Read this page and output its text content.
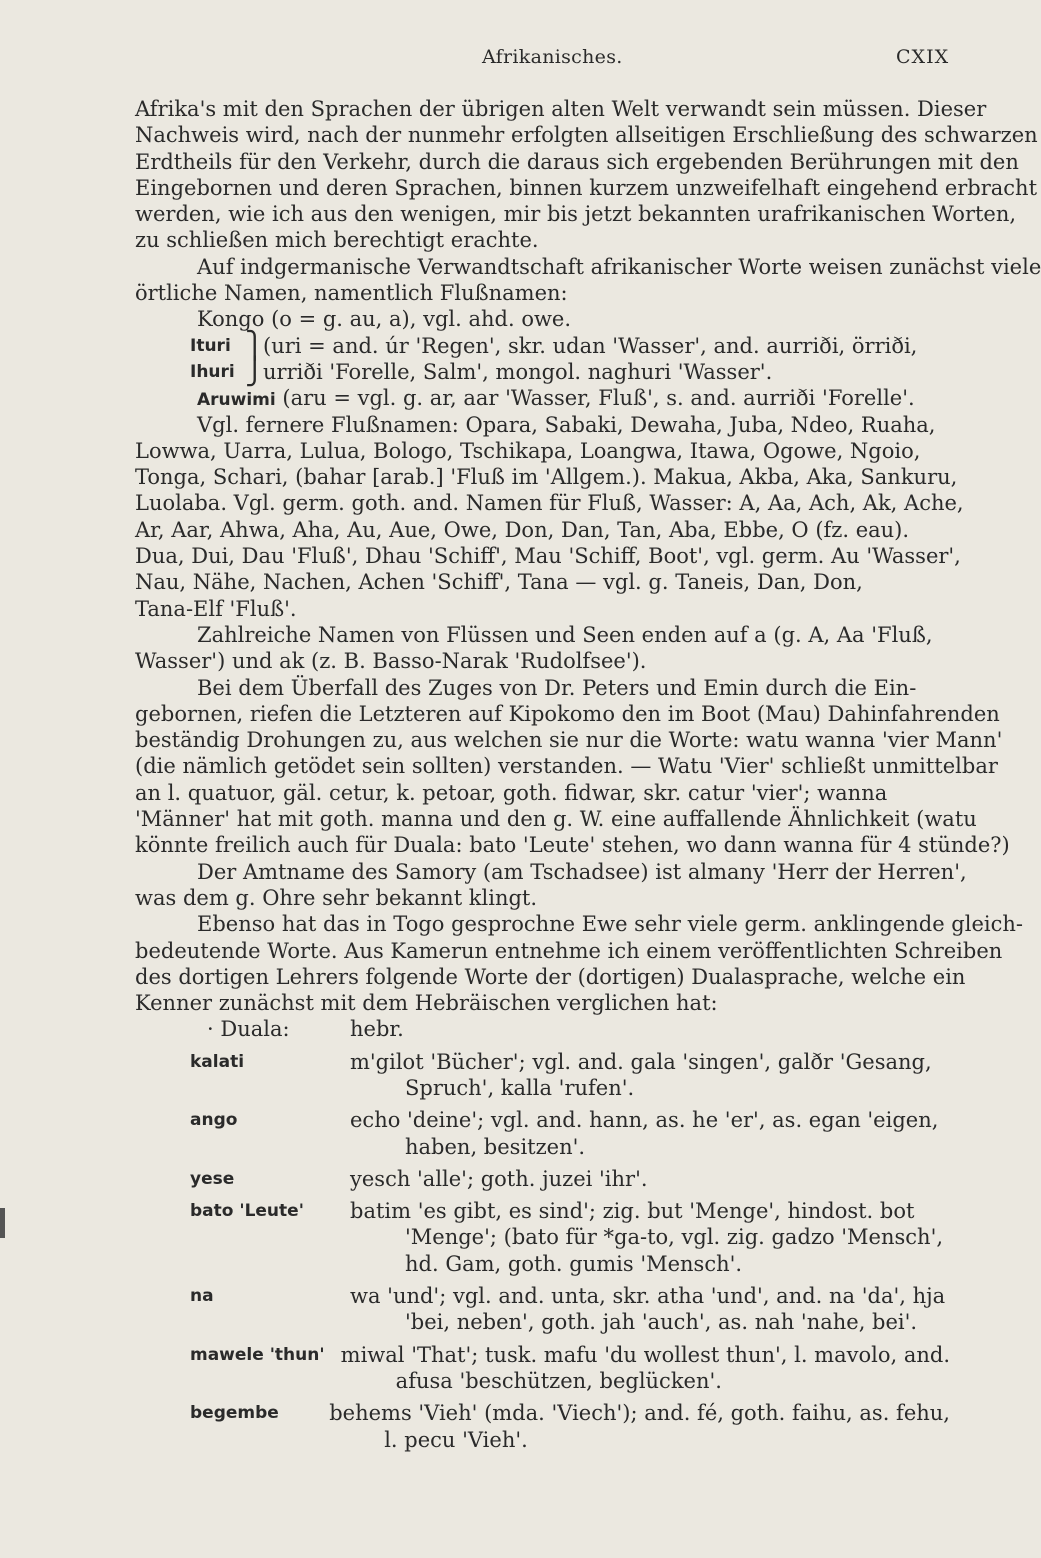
Afrikanisches.	CXIX
Afrika's mit den Sprachen der übrigen alten Welt verwandt sein müssen. Dieser
Nachweis wird, nach der nunmehr erfolgten allseitigen Erschließung des schwarzen
Erdtheils für den Verkehr, durch die daraus sich ergebenden Berührungen mit den
Eingebornen und deren Sprachen, binnen kurzem unzweifelhaft eingehend erbracht
werden, wie ich aus den wenigen, mir bis jetzt bekannten urafrikanischen Worten,
zu schließen mich berechtigt erachte.
Auf indgermanische Verwandtschaft afrikanischer Worte weisen zunächst viele
örtliche Namen, namentlich Flußnamen:
Kongo (o = g. au, a), vgl. ahd. owe.
Ituri
Ihuri
⎫
⎭
(uri = and. úr 'Regen', skr. udan 'Wasser', and. aurriði, örriði,
urriði 'Forelle, Salm', mongol. naghuri 'Wasser'.
Aruwimi (aru = vgl. g. ar, aar 'Wasser, Fluß', s. and. aurriði 'Forelle'.
Vgl. fernere Flußnamen: Opara, Sabaki, Dewaha, Juba, Ndeo, Ruaha,
Lowwa, Uarra, Lulua, Bologo, Tschikapa, Loangwa, Itawa, Ogowe, Ngoio,
Tonga, Schari, (bahar [arab.] 'Fluß im 'Allgem.). Makua, Akba, Aka, Sankuru,
Luolaba. Vgl. germ. goth. and. Namen für Fluß, Wasser: A, Aa, Ach, Ak, Ache,
Ar, Aar, Ahwa, Aha, Au, Aue, Owe, Don, Dan, Tan, Aba, Ebbe, O (fz. eau).
Dua, Dui, Dau 'Fluß', Dhau 'Schiff', Mau 'Schiff, Boot', vgl. germ. Au 'Wasser',
Nau, Nähe, Nachen, Achen 'Schiff', Tana — vgl. g. Taneis, Dan, Don,
Tana-Elf 'Fluß'.
Zahlreiche Namen von Flüssen und Seen enden auf a (g. A, Aa 'Fluß,
Wasser') und ak (z. B. Basso-Narak 'Rudolfsee').
Bei dem Überfall des Zuges von Dr. Peters und Emin durch die Ein-
gebornen, riefen die Letzteren auf Kipokomo den im Boot (Mau) Dahinfahrenden
beständig Drohungen zu, aus welchen sie nur die Worte: watu wanna 'vier Mann'
(die nämlich getödet sein sollten) verstanden. — Watu 'Vier' schließt unmittelbar
an l. quatuor, gäl. cetur, k. petoar, goth. fidwar, skr. catur 'vier'; wanna
'Männer' hat mit goth. manna und den g. W. eine auffallende Ähnlichkeit (watu
könnte freilich auch für Duala: bato 'Leute' stehen, wo dann wanna für 4 stünde?)
Der Amtname des Samory (am Tschadsee) ist almany 'Herr der Herren',
was dem g. Ohre sehr bekannt klingt.
Ebenso hat das in Togo gesprochne Ewe sehr viele germ. anklingende gleich-
bedeutende Worte. Aus Kamerun entnehme ich einem veröffentlichten Schreiben
des dortigen Lehrers folgende Worte der (dortigen) Dualasprache, welche ein
Kenner zunächst mit dem Hebräischen verglichen hat:
· Duala:	hebr.
kalati	m'gilot 'Bücher'; vgl. and. gala 'singen', galðr 'Gesang,
Spruch', kalla 'rufen'.
ango	echo 'deine'; vgl. and. hann, as. he 'er', as. egan 'eigen,
haben, besitzen'.
yese	yesch 'alle'; goth. juzei 'ihr'.
bato 'Leute'	batim 'es gibt, es sind'; zig. but 'Menge', hindost. bot
'Menge'; (bato für *ga-to, vgl. zig. gadzo 'Mensch',
hd. Gam, goth. gumis 'Mensch'.
na	wa 'und'; vgl. and. unta, skr. atha 'und', and. na 'da', hja
'bei, neben', goth. jah 'auch', as. nah 'nahe, bei'.
mawele 'thun' miwal 'That'; tusk. mafu 'du wollest thun', l. mavolo, and.
afusa 'beschützen, beglücken'.
begembe	behems 'Vieh' (mda. 'Viech'); and. fé, goth. faihu, as. fehu,
l. pecu 'Vieh'.
